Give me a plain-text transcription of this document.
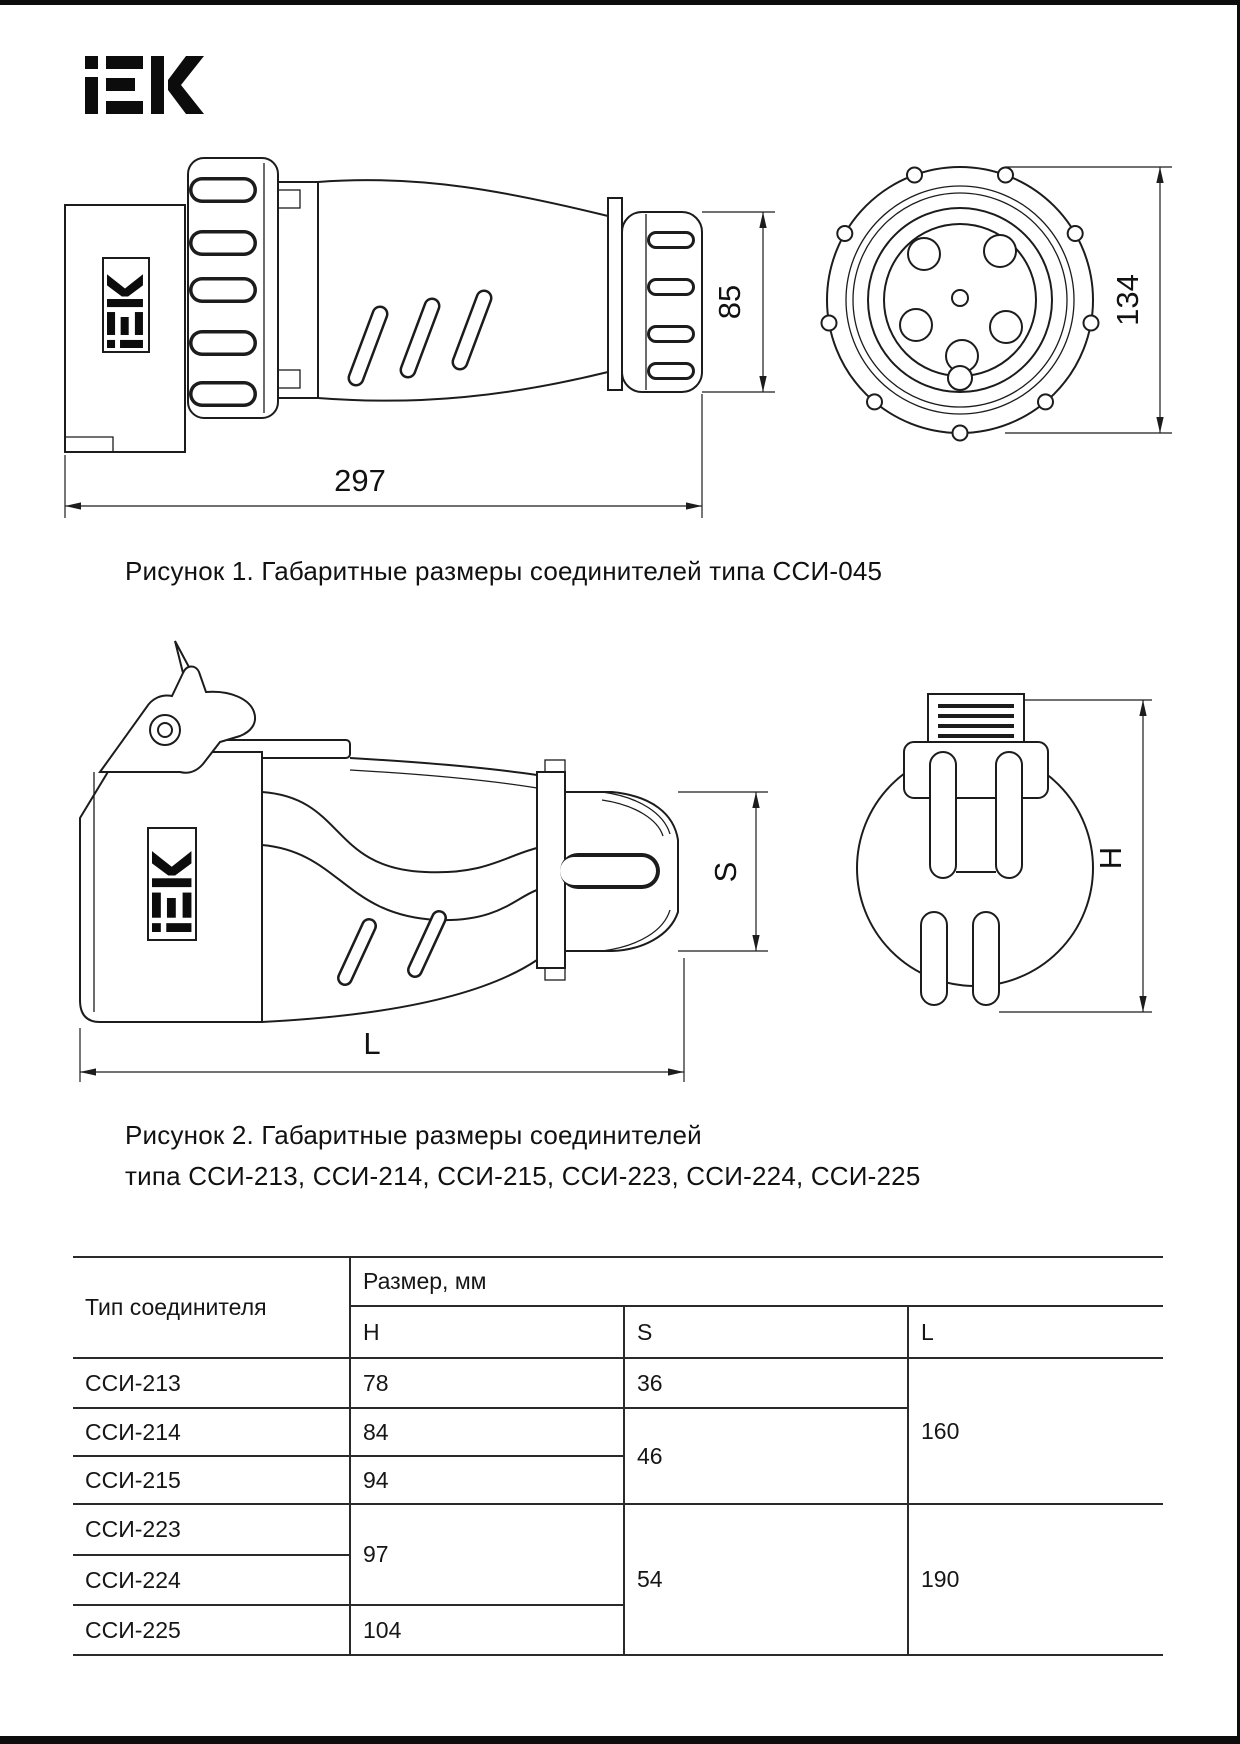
297
85	134
S
L
H
Рисунок 1. Габаритные размеры соединителей типа ССИ-045
Рисунок 2. Габаритные размеры соединителей
типа ССИ-213, ССИ-214, ССИ-215, ССИ-223, ССИ-224, ССИ-225
Тип соединителя	Размер, мм		
	H	S	L
ССИ-213	78	36	160
ССИ-214	84	46	
ССИ-215	94		
ССИ-223	97	54	190
ССИ-224			
ССИ-225	104		
